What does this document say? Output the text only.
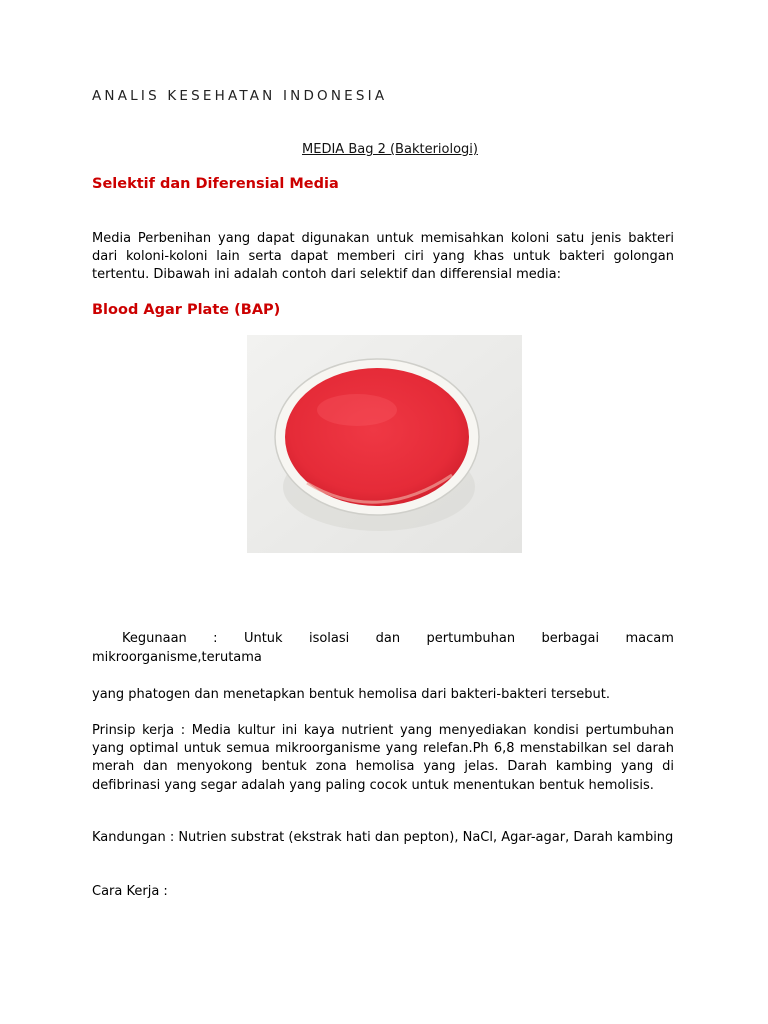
ANALIS KESEHATAN INDONESIA
MEDIA Bag 2 (Bakteriologi)
Selektif dan Diferensial Media
Media Perbenihan yang dapat digunakan untuk memisahkan koloni satu jenis bakteri dari koloni-koloni lain serta dapat memberi ciri yang khas untuk bakteri golongan tertentu. Dibawah ini adalah contoh dari selektif dan differensial media:
Blood Agar Plate (BAP)
Kegunaan : Untuk isolasi dan pertumbuhan berbagai macam
mikroorganisme,terutama
yang phatogen dan menetapkan bentuk hemolisa dari bakteri-bakteri tersebut.
Prinsip kerja : Media kultur ini kaya nutrient yang menyediakan kondisi pertumbuhan yang optimal untuk semua mikroorganisme yang relefan.Ph 6,8 menstabilkan sel darah merah dan menyokong bentuk zona hemolisa yang jelas. Darah kambing yang di defibrinasi yang segar adalah yang paling cocok untuk menentukan bentuk hemolisis.
Kandungan : Nutrien substrat (ekstrak hati dan pepton), NaCl, Agar-agar, Darah kambing
Cara Kerja :
